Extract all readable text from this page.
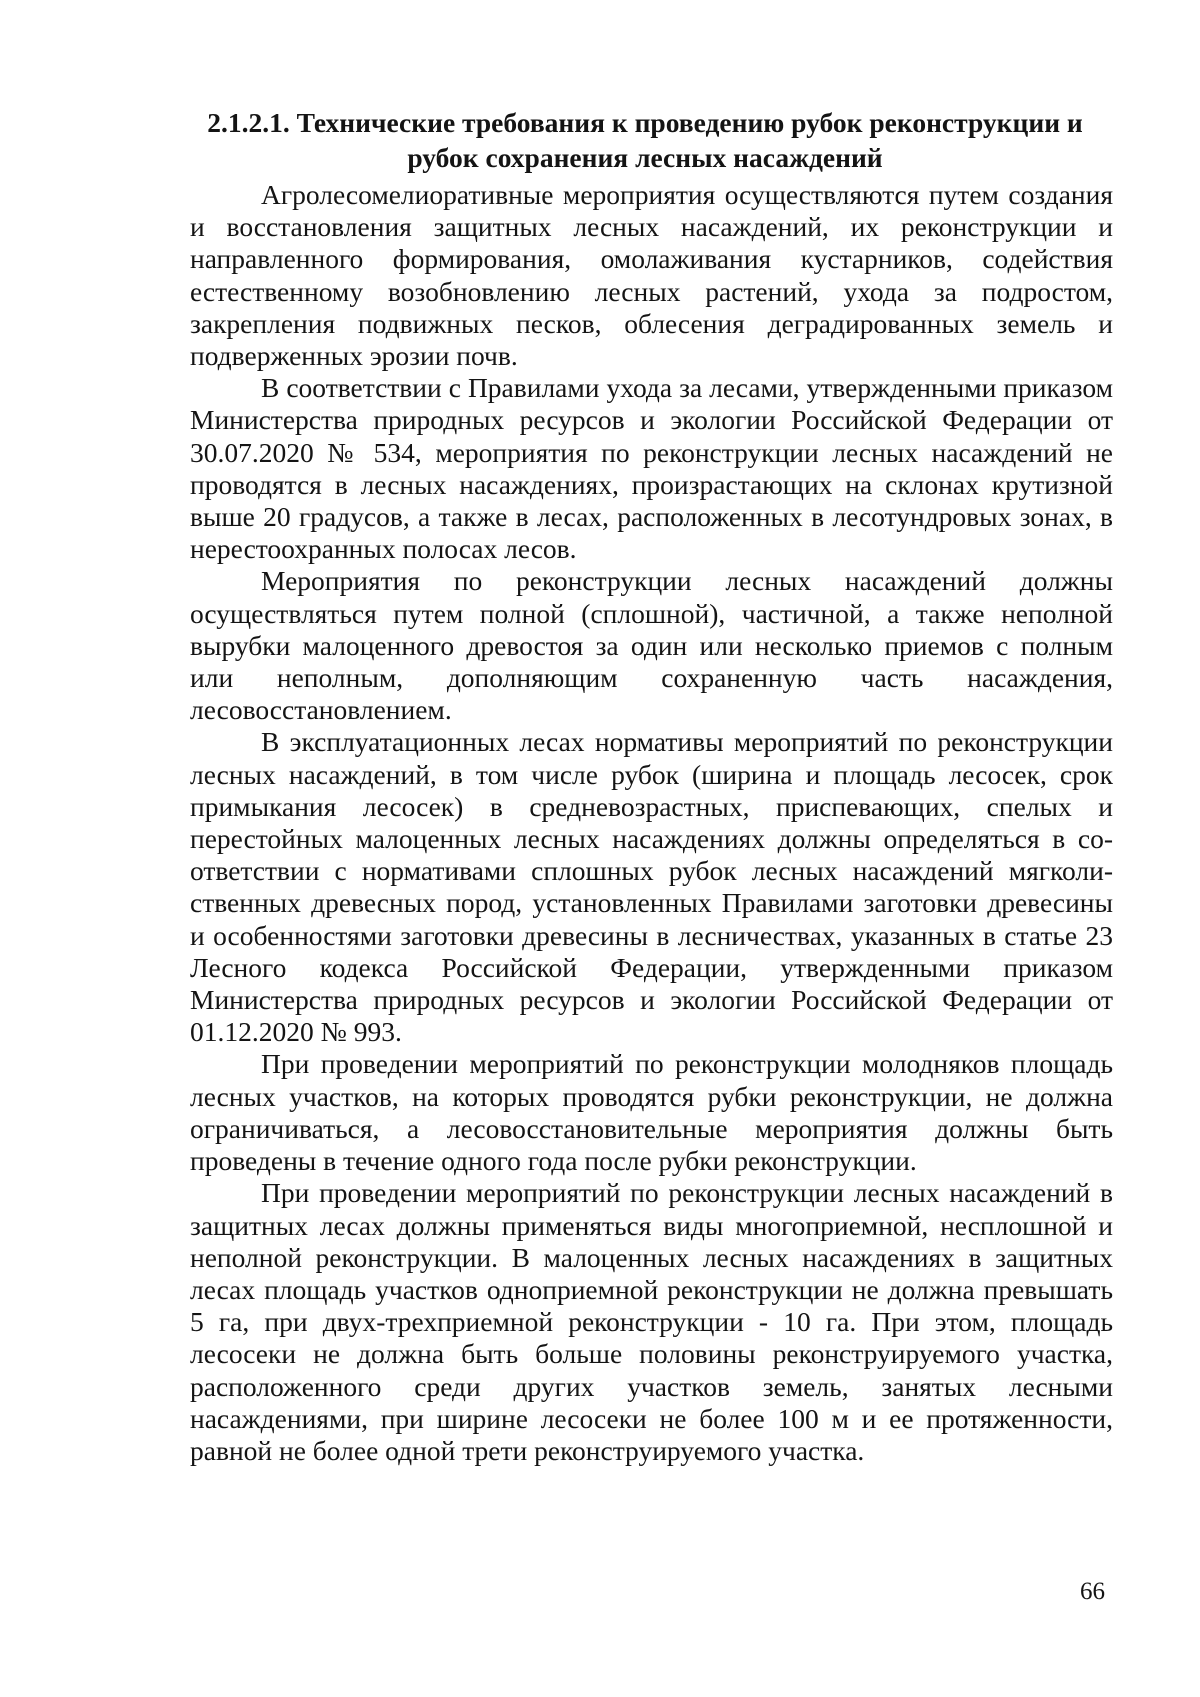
2.1.2.1. Технические требования к проведению рубок реконструкции и
рубок сохранения лесных насаждений

Агролесомелиоративные мероприятия осуществляются путем создания и восстановления защитных лесных насаждений, их реконструкции и направленного формирования, омолаживания кустарников, содействия естественному возобновлению лесных растений, ухода за подростом, закрепления подвижных песков, облесения деградированных земель и подверженных эрозии почв.

В соответствии с Правилами ухода за лесами, утвержденными приказом Министерства природных ресурсов и экологии Российской Федерации от 30.07.2020 № 534, мероприятия по реконструкции лесных насаждений не проводятся в лесных насаждениях, произрастающих на склонах крутизной выше 20 градусов, а также в лесах, расположенных в лесотундровых зонах, в нерестоохранных полосах лесов.

Мероприятия по реконструкции лесных насаждений должны осуществляться путем полной (сплошной), частичной, а также неполной вырубки малоценного древостоя за один или несколько приемов с полным или неполным, дополняющим сохраненную часть насаждения, лесовосстановлением.

В эксплуатационных лесах нормативы мероприятий по реконструкции лесных насаждений, в том числе рубок (ширина и площадь лесосек, срок примыкания лесосек) в средневозрастных, приспевающих, спелых и перестойных малоценных лесных насаждениях должны определяться в соответствии с нормативами сплошных рубок лесных насаждений мягколиственных древесных пород, установленных Правилами заготовки древесины и особенностями заготовки древесины в лесничествах, указанных в статье 23 Лесного кодекса Российской Федерации, утвержденными приказом Министерства природных ресурсов и экологии Российской Федерации от 01.12.2020 № 993.

При проведении мероприятий по реконструкции молодняков площадь лесных участков, на которых проводятся рубки реконструкции, не должна ограничиваться, а лесовосстановительные мероприятия должны быть проведены в течение одного года после рубки реконструкции.

При проведении мероприятий по реконструкции лесных насаждений в защитных лесах должны применяться виды многоприемной, несплошной и неполной реконструкции. В малоценных лесных насаждениях в защитных лесах площадь участков одноприемной реконструкции не должна превышать 5 га, при двух-трехприемной реконструкции - 10 га. При этом, площадь лесосеки не должна быть больше половины реконструируемого участка, расположенного среди других участков земель, занятых лесными насаждениями, при ширине лесосеки не более 100 м и ее протяженности, равной не более одной трети реконструируемого участка.

66
